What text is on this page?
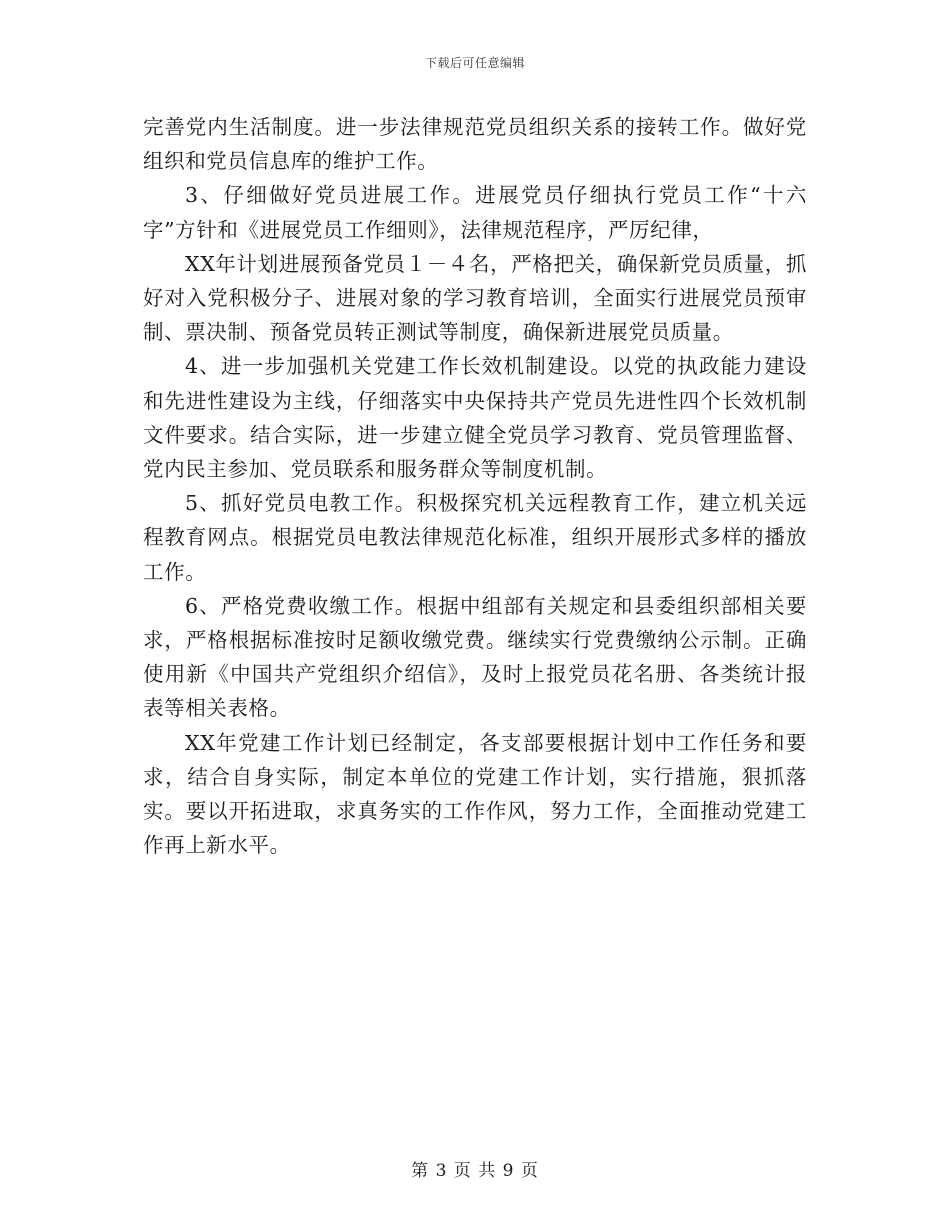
下载后可任意编辑

完善党内生活制度。进一步法律规范党员组织关系的接转工作。做好党组织和党员信息库的维护工作。

3、仔细做好党员进展工作。进展党员仔细执行党员工作“十六字”方针和《进展党员工作细则》，法律规范程序，严厉纪律，

XX年计划进展预备党员１－４名，严格把关，确保新党员质量，抓好对入党积极分子、进展对象的学习教育培训，全面实行进展党员预审制、票决制、预备党员转正测试等制度，确保新进展党员质量。

4、进一步加强机关党建工作长效机制建设。以党的执政能力建设和先进性建设为主线，仔细落实中央保持共产党员先进性四个长效机制文件要求。结合实际，进一步建立健全党员学习教育、党员管理监督、党内民主参加、党员联系和服务群众等制度机制。

5、抓好党员电教工作。积极探究机关远程教育工作，建立机关远程教育网点。根据党员电教法律规范化标准，组织开展形式多样的播放工作。

6、严格党费收缴工作。根据中组部有关规定和县委组织部相关要求，严格根据标准按时足额收缴党费。继续实行党费缴纳公示制。正确使用新《中国共产党组织介绍信》，及时上报党员花名册、各类统计报表等相关表格。

XX年党建工作计划已经制定，各支部要根据计划中工作任务和要求，结合自身实际，制定本单位的党建工作计划，实行措施，狠抓落实。要以开拓进取，求真务实的工作作风，努力工作，全面推动党建工作再上新水平。

第 3 页 共 9 页
